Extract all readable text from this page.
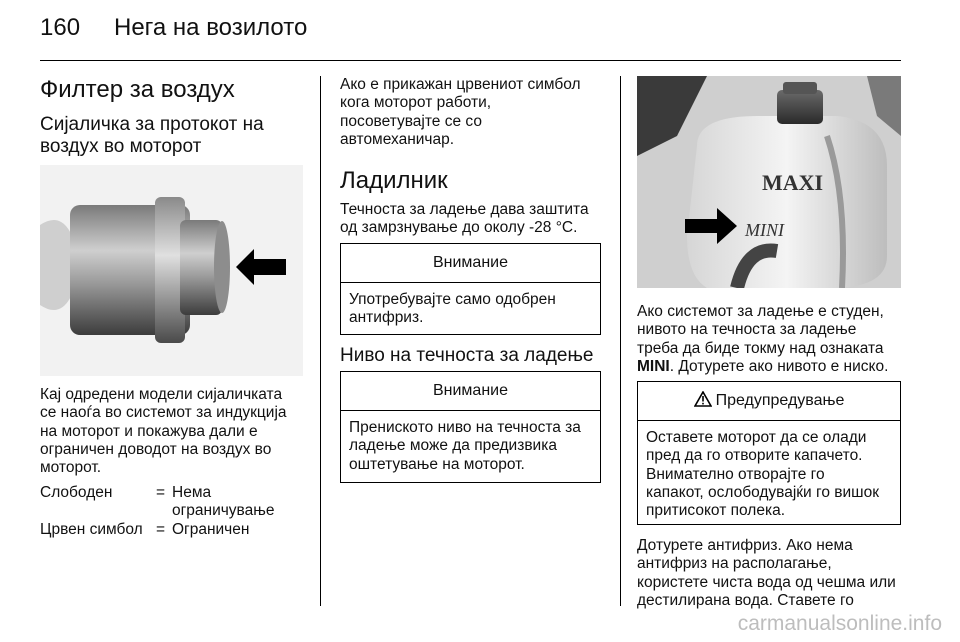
160 Нега на возилото

Филтер за воздух

Сијаличка за протокот на воздух во моторот

Кај одредени модели сијаличката

се наоѓа во системот за индукција

на моторот и покажува дали е

ограничен доводот на воздух во

моторот.

Слободен	= Нема
ограничување
Црвен симбол = Ограничен

Ако е прикажан црвениот симбол

кога моторот работи,

посоветувајте се со

автомеханичар.

Ладилник

Течноста за ладење дава заштита

од замрзнување до околу -28 °C.

Внимание
Употребувајте само одобрен
антифриз.

Ниво на течноста за ладење

Внимание
Пренискoто ниво на течноста за
ладење може да предизвика
оштетување на моторот.
MAXI
MINI

Ако системот за ладење е студен,

нивото на течноста за ладење

треба да биде токму над ознаката

MINI. Дотурете ако нивото е ниско.

Предупредување
Оставете моторот да се олади
пред да го отворите капачето.
Внимателно отворајте го
капакот, ослободувајќи го вишок
притисокот полека.

Дотурете антифриз. Ако нема

антифриз на располагање,

користете чиста вода од чешма или

дестилирана вода. Ставете го

carmanualsonline.info
